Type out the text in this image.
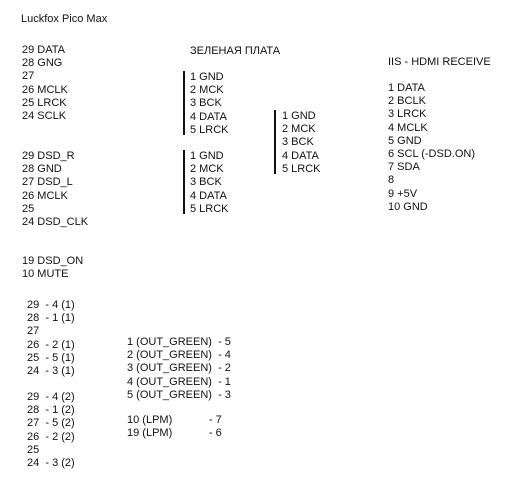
Luckfox Pico Max
29 DATA
28 GNG
27
26 MCLK
25 LRCK
24 SCLK
29 DSD_R
28 GND
27 DSD_L
26 MCLK
25
24 DSD_CLK
19 DSD_ON
10 MUTE
ЗЕЛЕНАЯ ПЛАТА
1 GND
2 MCK
3 BCK
4 DATA
5 LRCK
1 GND
2 MCK
3 BCK
4 DATA
5 LRCK
1 GND
2 MCK
3 BCK
4 DATA
5 LRCK
IIS - HDMI RECEIVE
1 DATA
2 BCLK
3 LRCK
4 MCLK
5 GND
6 SCL (-DSD.ON)
7 SDA
8
9 +5V
10 GND
29  - 4 (1)
28  - 1 (1)
27
26  - 2 (1)
25  - 5 (1)
24  - 3 (1)
29  - 4 (2)
28  - 1 (2)
27  - 5 (2)
26  - 2 (2)
25
24  - 3 (2)
1 (OUT_GREEN)  - 5
2 (OUT_GREEN)  - 4
3 (OUT_GREEN)  - 2
4 (OUT_GREEN)  - 1
5 (OUT_GREEN)  - 3
10 (LPM)            - 7
19 (LPM)            - 6
